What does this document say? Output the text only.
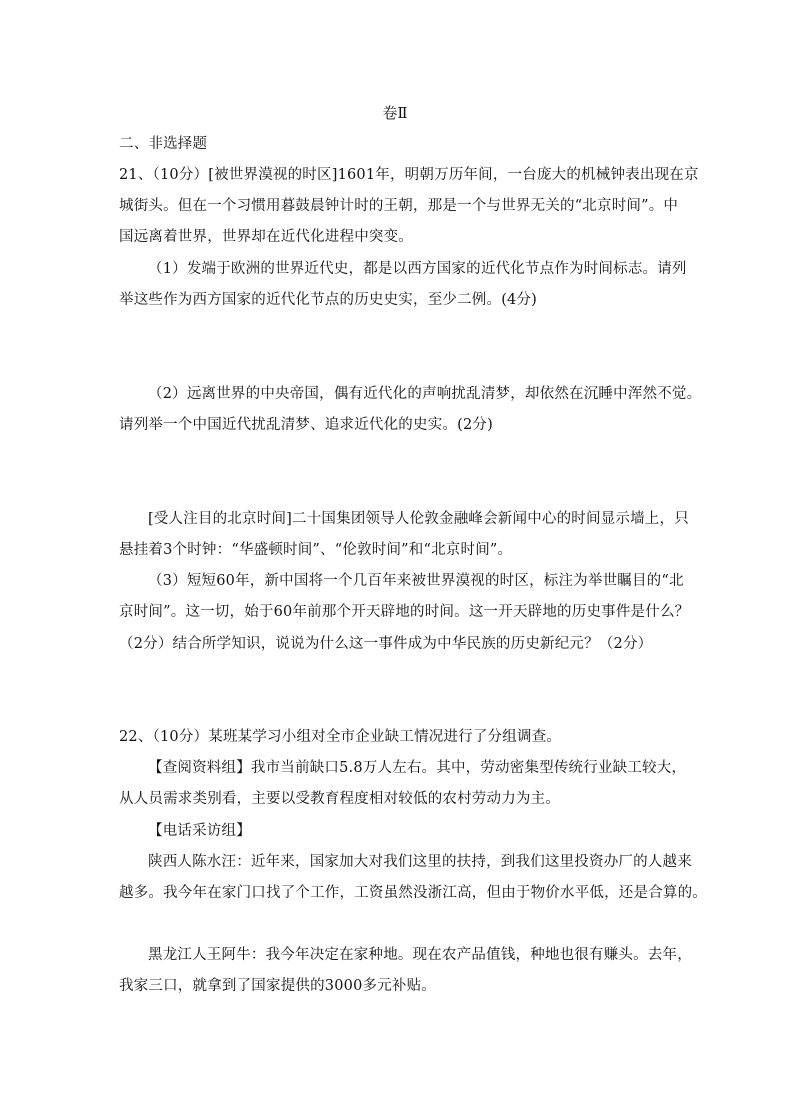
卷Ⅱ
二、非选择题
21、（10分）[被世界漠视的时区]1601年，明朝万历年间，一台庞大的机械钟表出现在京
城街头。但在一个习惯用暮鼓晨钟计时的王朝，那是一个与世界无关的“北京时间”。中
国远离着世界，世界却在近代化进程中突变。
（1）发端于欧洲的世界近代史，都是以西方国家的近代化节点作为时间标志。请列
举这些作为西方国家的近代化节点的历史史实，至少二例。(4分)
（2）远离世界的中央帝国，偶有近代化的声响扰乱清梦，却依然在沉睡中浑然不觉。
请列举一个中国近代扰乱清梦、追求近代化的史实。(2分)
[受人注目的北京时间]二十国集团领导人伦敦金融峰会新闻中心的时间显示墙上，只
悬挂着3个时钟：“华盛顿时间”、“伦敦时间”和“北京时间”。
（3）短短60年，新中国将一个几百年来被世界漠视的时区，标注为举世瞩目的“北
京时间”。这一切，始于60年前那个开天辟地的时间。这一开天辟地的历史事件是什么？
（2分）结合所学知识，说说为什么这一事件成为中华民族的历史新纪元？（2分）
22、（10分）某班某学习小组对全市企业缺工情况进行了分组调查。
【查阅资料组】我市当前缺口5.8万人左右。其中，劳动密集型传统行业缺工较大，
从人员需求类别看，主要以受教育程度相对较低的农村劳动力为主。
【电话采访组】
陕西人陈水汪：近年来，国家加大对我们这里的扶持，到我们这里投资办厂的人越来
越多。我今年在家门口找了个工作，工资虽然没浙江高，但由于物价水平低，还是合算的。
黑龙江人王阿牛：我今年决定在家种地。现在农产品值钱，种地也很有赚头。去年，
我家三口，就拿到了国家提供的3000多元补贴。
